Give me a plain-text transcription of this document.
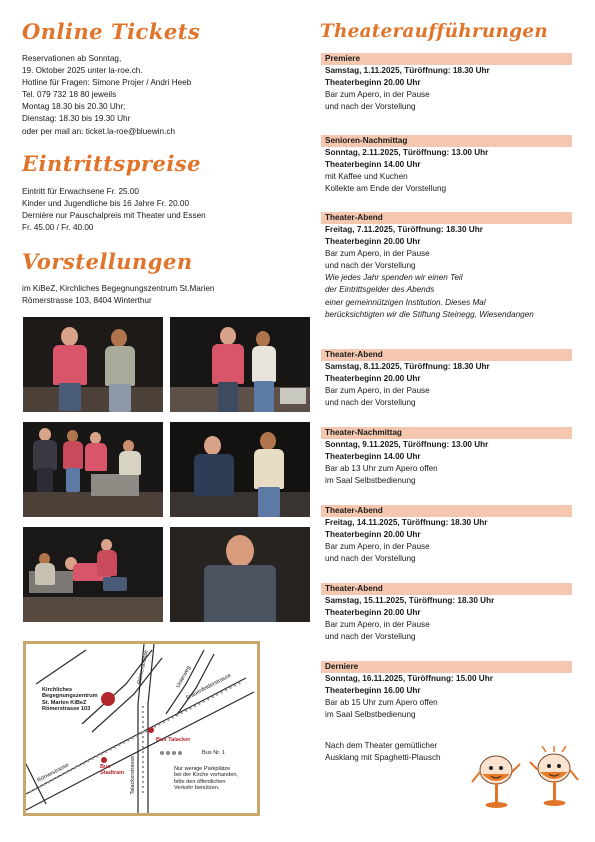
Online Tickets
Reservationen ab Sonntag,
19. Oktober 2025 unter la-roe.ch.
Hotline für Fragen: Simone Projer / Andri Heeb
Tel. 079 732 18 80 jeweils
Montag 18.30 bis 20.30 Uhr;
Dienstag: 18.30 bis 19.30 Uhr
oder per mail an: ticket.la-roe@bluewin.ch
Eintrittspreise
Eintritt für Erwachsene Fr. 25.00
Kinder und Jugendliche bis 16 Jahre Fr. 20.00
Dernière nur Pauschalpreis mit Theater und Essen
Fr. 45.00 / Fr. 40.00
Vorstellungen
im KiBeZ, Kirchliches Begegnungszentrum St.Marien
Römerstrasse 103, 8404 Winterthur
Kirchliches
Begegnungszentrum
St. Marien KiBeZ
Römerstrasse 103
Bus Talacker
Bus Nr. 1
Bus
Stadtrain
Nur wenige Parkplätze
bei der Kirche vorhanden,
bitte den öffentlichen
Verkehr benützen.
Römerstrasse	Unterweg
Frauenfelderstrasse
Talackerstrasse
Römerstrasse
Theateraufführungen
Premiere
Samstag, 1.11.2025, Türöffnung: 18.30 Uhr
Theaterbeginn 20.00 Uhr
Bar zum Apero, in der Pause
und nach der Vorstellung
Senioren-Nachmittag
Sonntag, 2.11.2025, Türöffnung: 13.00 Uhr
Theaterbeginn 14.00 Uhr
mit Kaffee und Kuchen
Kollekte am Ende der Vorstellung
Theater-Abend
Freitag, 7.11.2025, Türöffnung: 18.30 Uhr
Theaterbeginn 20.00 Uhr
Bar zum Apero, in der Pause
und nach der Vorstellung
Wie jedes Jahr spenden wir einen Teil
der Eintrittsgelder des Abends
einer gemeinnützigen Institution. Dieses Mal
berücksichtigten wir die Stiftung Steinegg, Wiesendangen
Theater-Abend
Samstag, 8.11.2025, Türöffnung: 18.30 Uhr
Theaterbeginn 20.00 Uhr
Bar zum Apero, in der Pause
und nach der Vorstellung
Theater-Nachmittag
Sonntag, 9.11.2025, Türöffnung: 13.00 Uhr
Theaterbeginn 14.00 Uhr
Bar ab 13 Uhr zum Apero offen
im Saal Selbstbedienung
Theater-Abend
Freitag, 14.11.2025, Türöffnung: 18.30 Uhr
Theaterbeginn 20.00 Uhr
Bar zum Apero, in der Pause
und nach der Vorstellung
Theater-Abend
Samstag, 15.11.2025, Türöffnung: 18.30 Uhr
Theaterbeginn 20.00 Uhr
Bar zum Apero, in der Pause
und nach der Vorstellung
Derniere
Sonntag, 16.11.2025, Türöffnung: 15.00 Uhr
Theaterbeginn 16.00 Uhr
Bar ab 15 Uhr zum Apero offen
im Saal Selbstbedienung
Nach dem Theater gemütlicher
Ausklang mit Spaghetti-Plausch
